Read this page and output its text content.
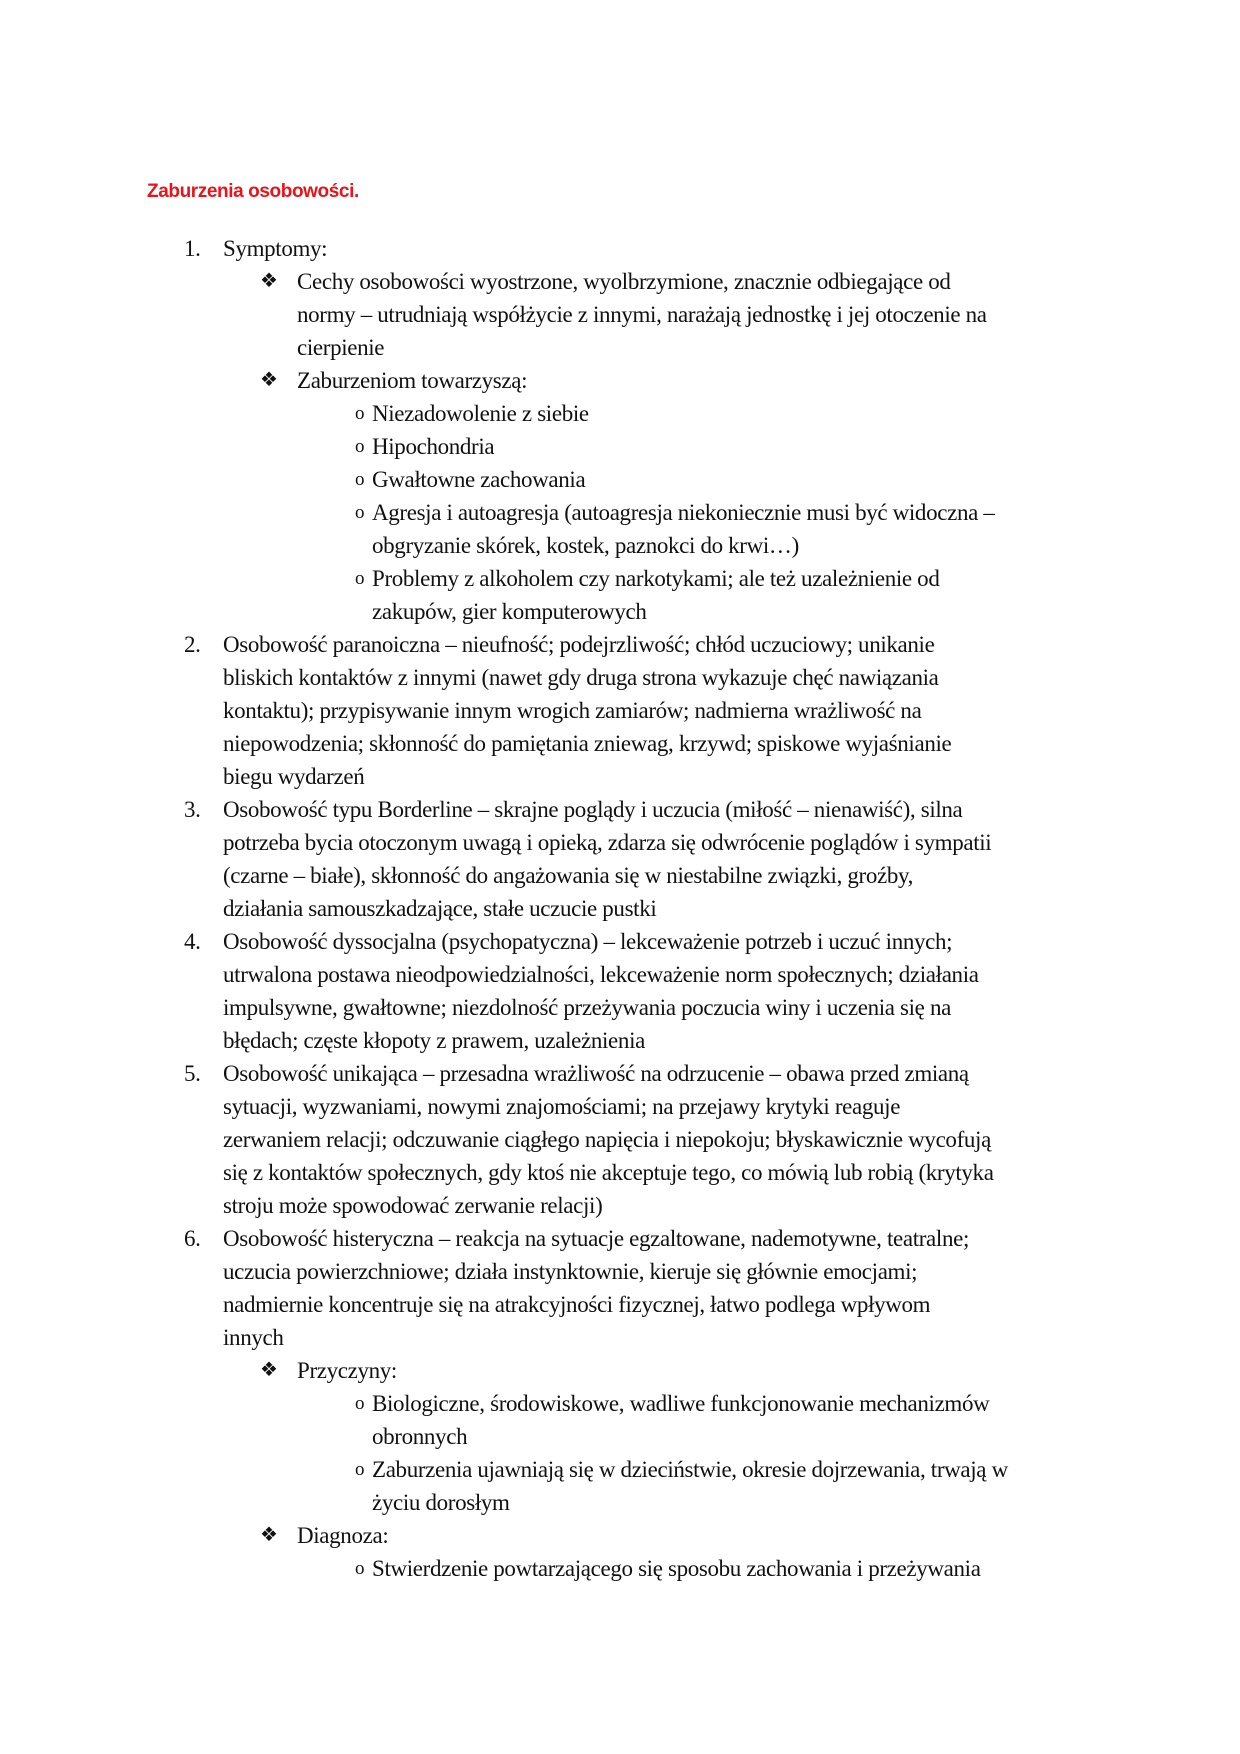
Zaburzenia osobowości.
1. Symptomy:
❖ Cechy osobowości wyostrzone, wyolbrzymione, znacznie odbiegające od
normy – utrudniają współżycie z innymi, narażają jednostkę i jej otoczenie na
cierpienie
❖ Zaburzeniom towarzyszą:
o Niezadowolenie z siebie
o Hipochondria
o Gwałtowne zachowania
o Agresja i autoagresja (autoagresja niekoniecznie musi być widoczna –
obgryzanie skórek, kostek, paznokci do krwi…)
o Problemy z alkoholem czy narkotykami; ale też uzależnienie od
zakupów, gier komputerowych
2. Osobowość paranoiczna – nieufność; podejrzliwość; chłód uczuciowy; unikanie
bliskich kontaktów z innymi (nawet gdy druga strona wykazuje chęć nawiązania
kontaktu); przypisywanie innym wrogich zamiarów; nadmierna wrażliwość na
niepowodzenia; skłonność do pamiętania zniewag, krzywd; spiskowe wyjaśnianie
biegu wydarzeń
3. Osobowość typu Borderline – skrajne poglądy i uczucia (miłość – nienawiść), silna
potrzeba bycia otoczonym uwagą i opieką, zdarza się odwrócenie poglądów i sympatii
(czarne – białe), skłonność do angażowania się w niestabilne związki, groźby,
działania samouszkadzające, stałe uczucie pustki
4. Osobowość dyssocjalna (psychopatyczna) – lekceważenie potrzeb i uczuć innych;
utrwalona postawa nieodpowiedzialności, lekceważenie norm społecznych; działania
impulsywne, gwałtowne; niezdolność przeżywania poczucia winy i uczenia się na
błędach; częste kłopoty z prawem, uzależnienia
5. Osobowość unikająca – przesadna wrażliwość na odrzucenie – obawa przed zmianą
sytuacji, wyzwaniami, nowymi znajomościami; na przejawy krytyki reaguje
zerwaniem relacji; odczuwanie ciągłego napięcia i niepokoju; błyskawicznie wycofują
się z kontaktów społecznych, gdy ktoś nie akceptuje tego, co mówią lub robią (krytyka
stroju może spowodować zerwanie relacji)
6. Osobowość histeryczna – reakcja na sytuacje egzaltowane, nademotywne, teatralne;
uczucia powierzchniowe; działa instynktownie, kieruje się głównie emocjami;
nadmiernie koncentruje się na atrakcyjności fizycznej, łatwo podlega wpływom
innych
❖ Przyczyny:
o Biologiczne, środowiskowe, wadliwe funkcjonowanie mechanizmów
obronnych
o Zaburzenia ujawniają się w dzieciństwie, okresie dojrzewania, trwają w
życiu dorosłym
❖ Diagnoza:
o Stwierdzenie powtarzającego się sposobu zachowania i przeżywania
